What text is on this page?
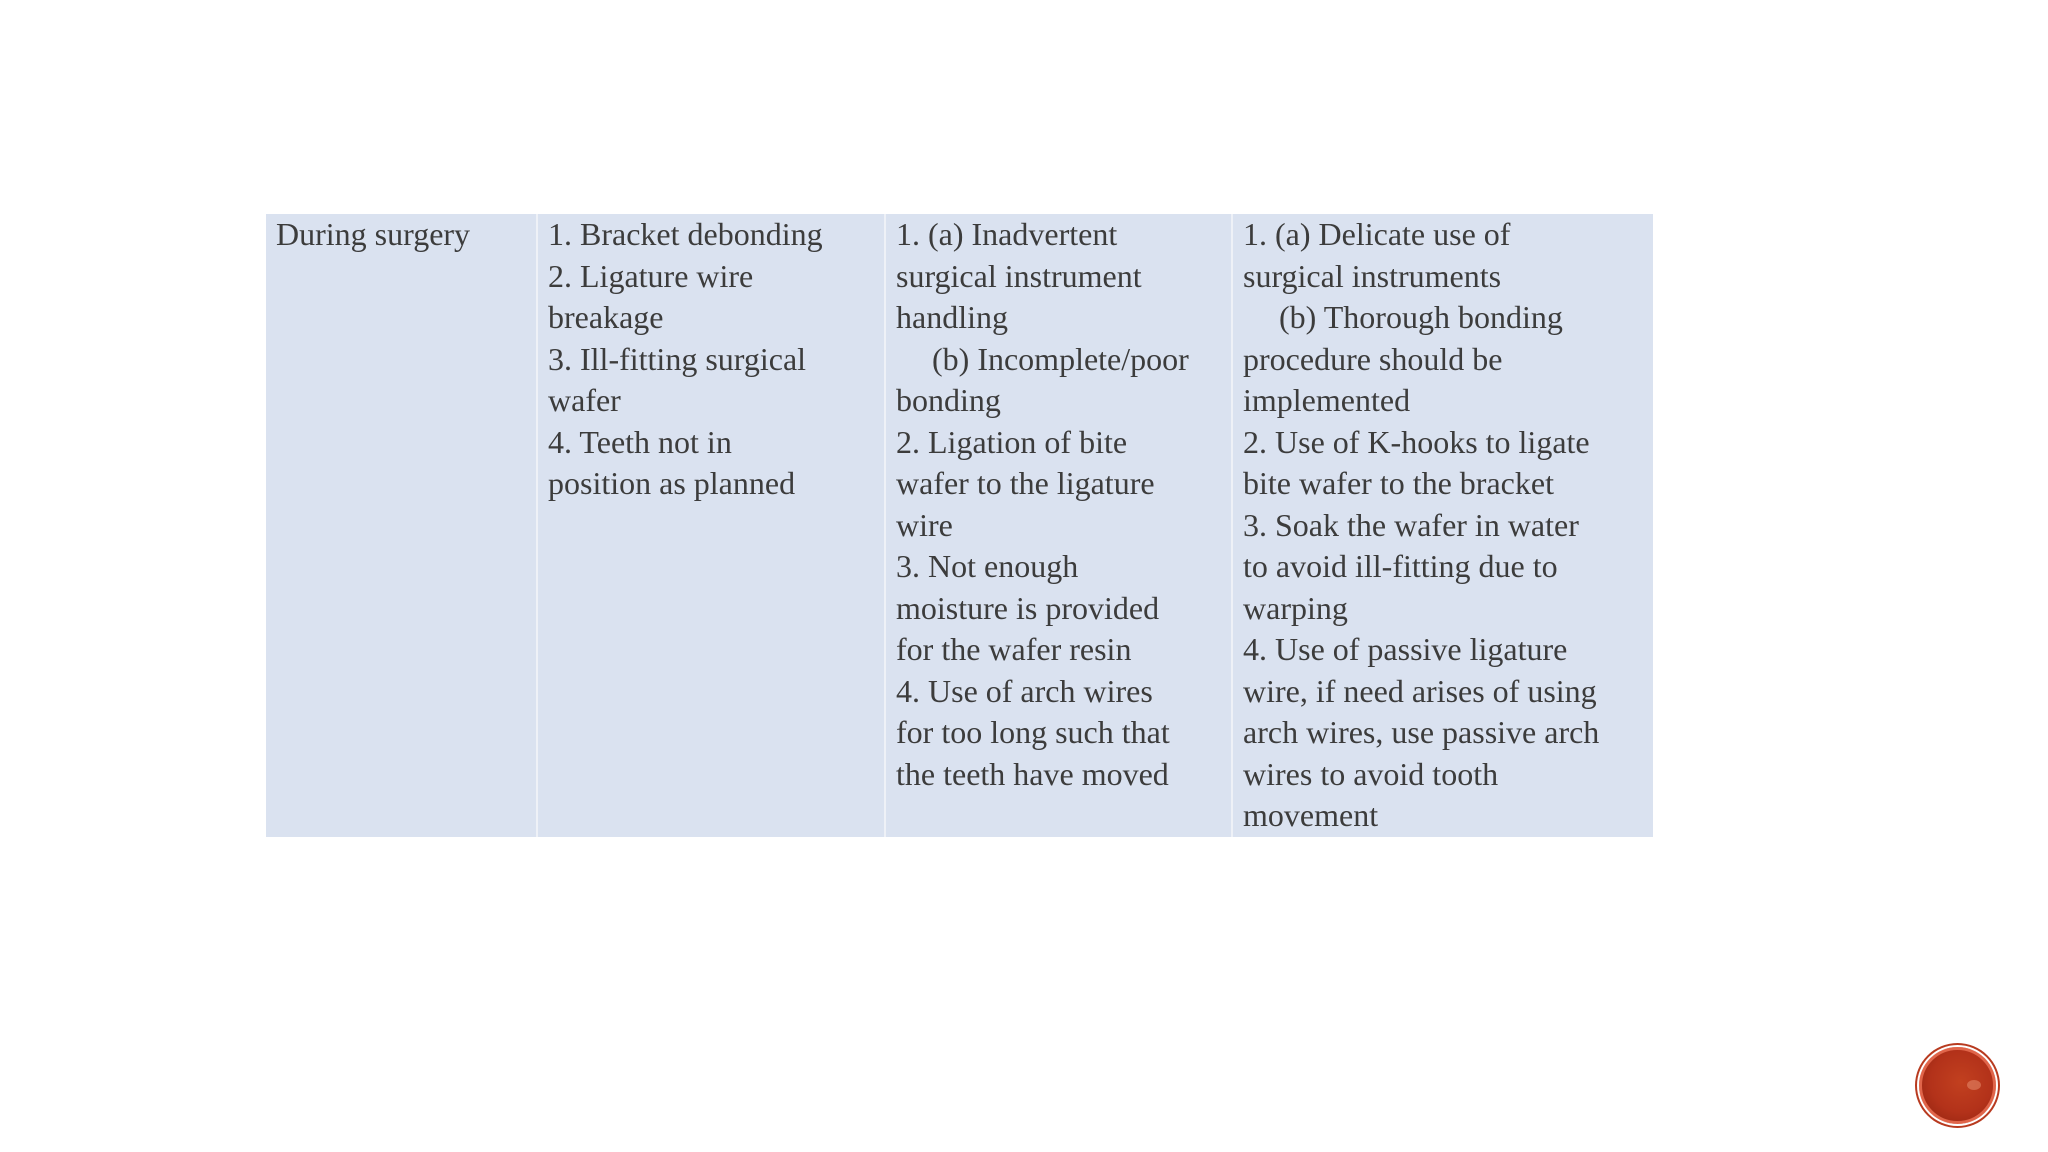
During surgery	1. Bracket debonding
2. Ligature wire
breakage
3. Ill-fitting surgical
wafer
4. Teeth not in
position as planned
1. (a) Inadvertent
surgical instrument
handling
(b) Incomplete/poor
bonding
2. Ligation of bite
wafer to the ligature
wire
3. Not enough
moisture is provided
for the wafer resin
4. Use of arch wires
for too long such that
the teeth have moved
1. (a) Delicate use of
surgical instruments
(b) Thorough bonding
procedure should be
implemented
2. Use of K-hooks to ligate
bite wafer to the bracket
3. Soak the wafer in water
to avoid ill-fitting due to
warping
4. Use of passive ligature
wire, if need arises of using
arch wires, use passive arch
wires to avoid tooth
movement
